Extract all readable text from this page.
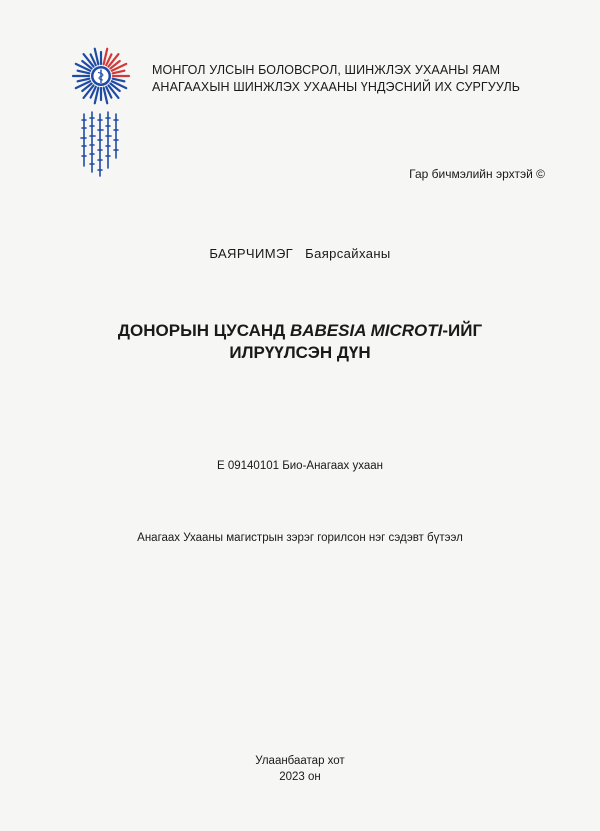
МОНГОЛ УЛСЫН БОЛОВСРОЛ, ШИНЖЛЭХ УХААНЫ ЯАМ
АНАГААХЫН ШИНЖЛЭХ УХААНЫ ҮНДЭСНИЙ ИХ СУРГУУЛЬ
Гар бичмэлийн эрхтэй ©
БАЯРЧИМЭГ Баярсайханы
ДОНОРЫН ЦУСАНД BABESIA MICROTI-ИЙГ
ИЛРҮҮЛСЭН ДҮН
E 09140101 Био-Анагаах ухаан
Анагаах Ухааны магистрын зэрэг горилсон нэг сэдэвт бүтээл
Улаанбаатар хот
2023 он
